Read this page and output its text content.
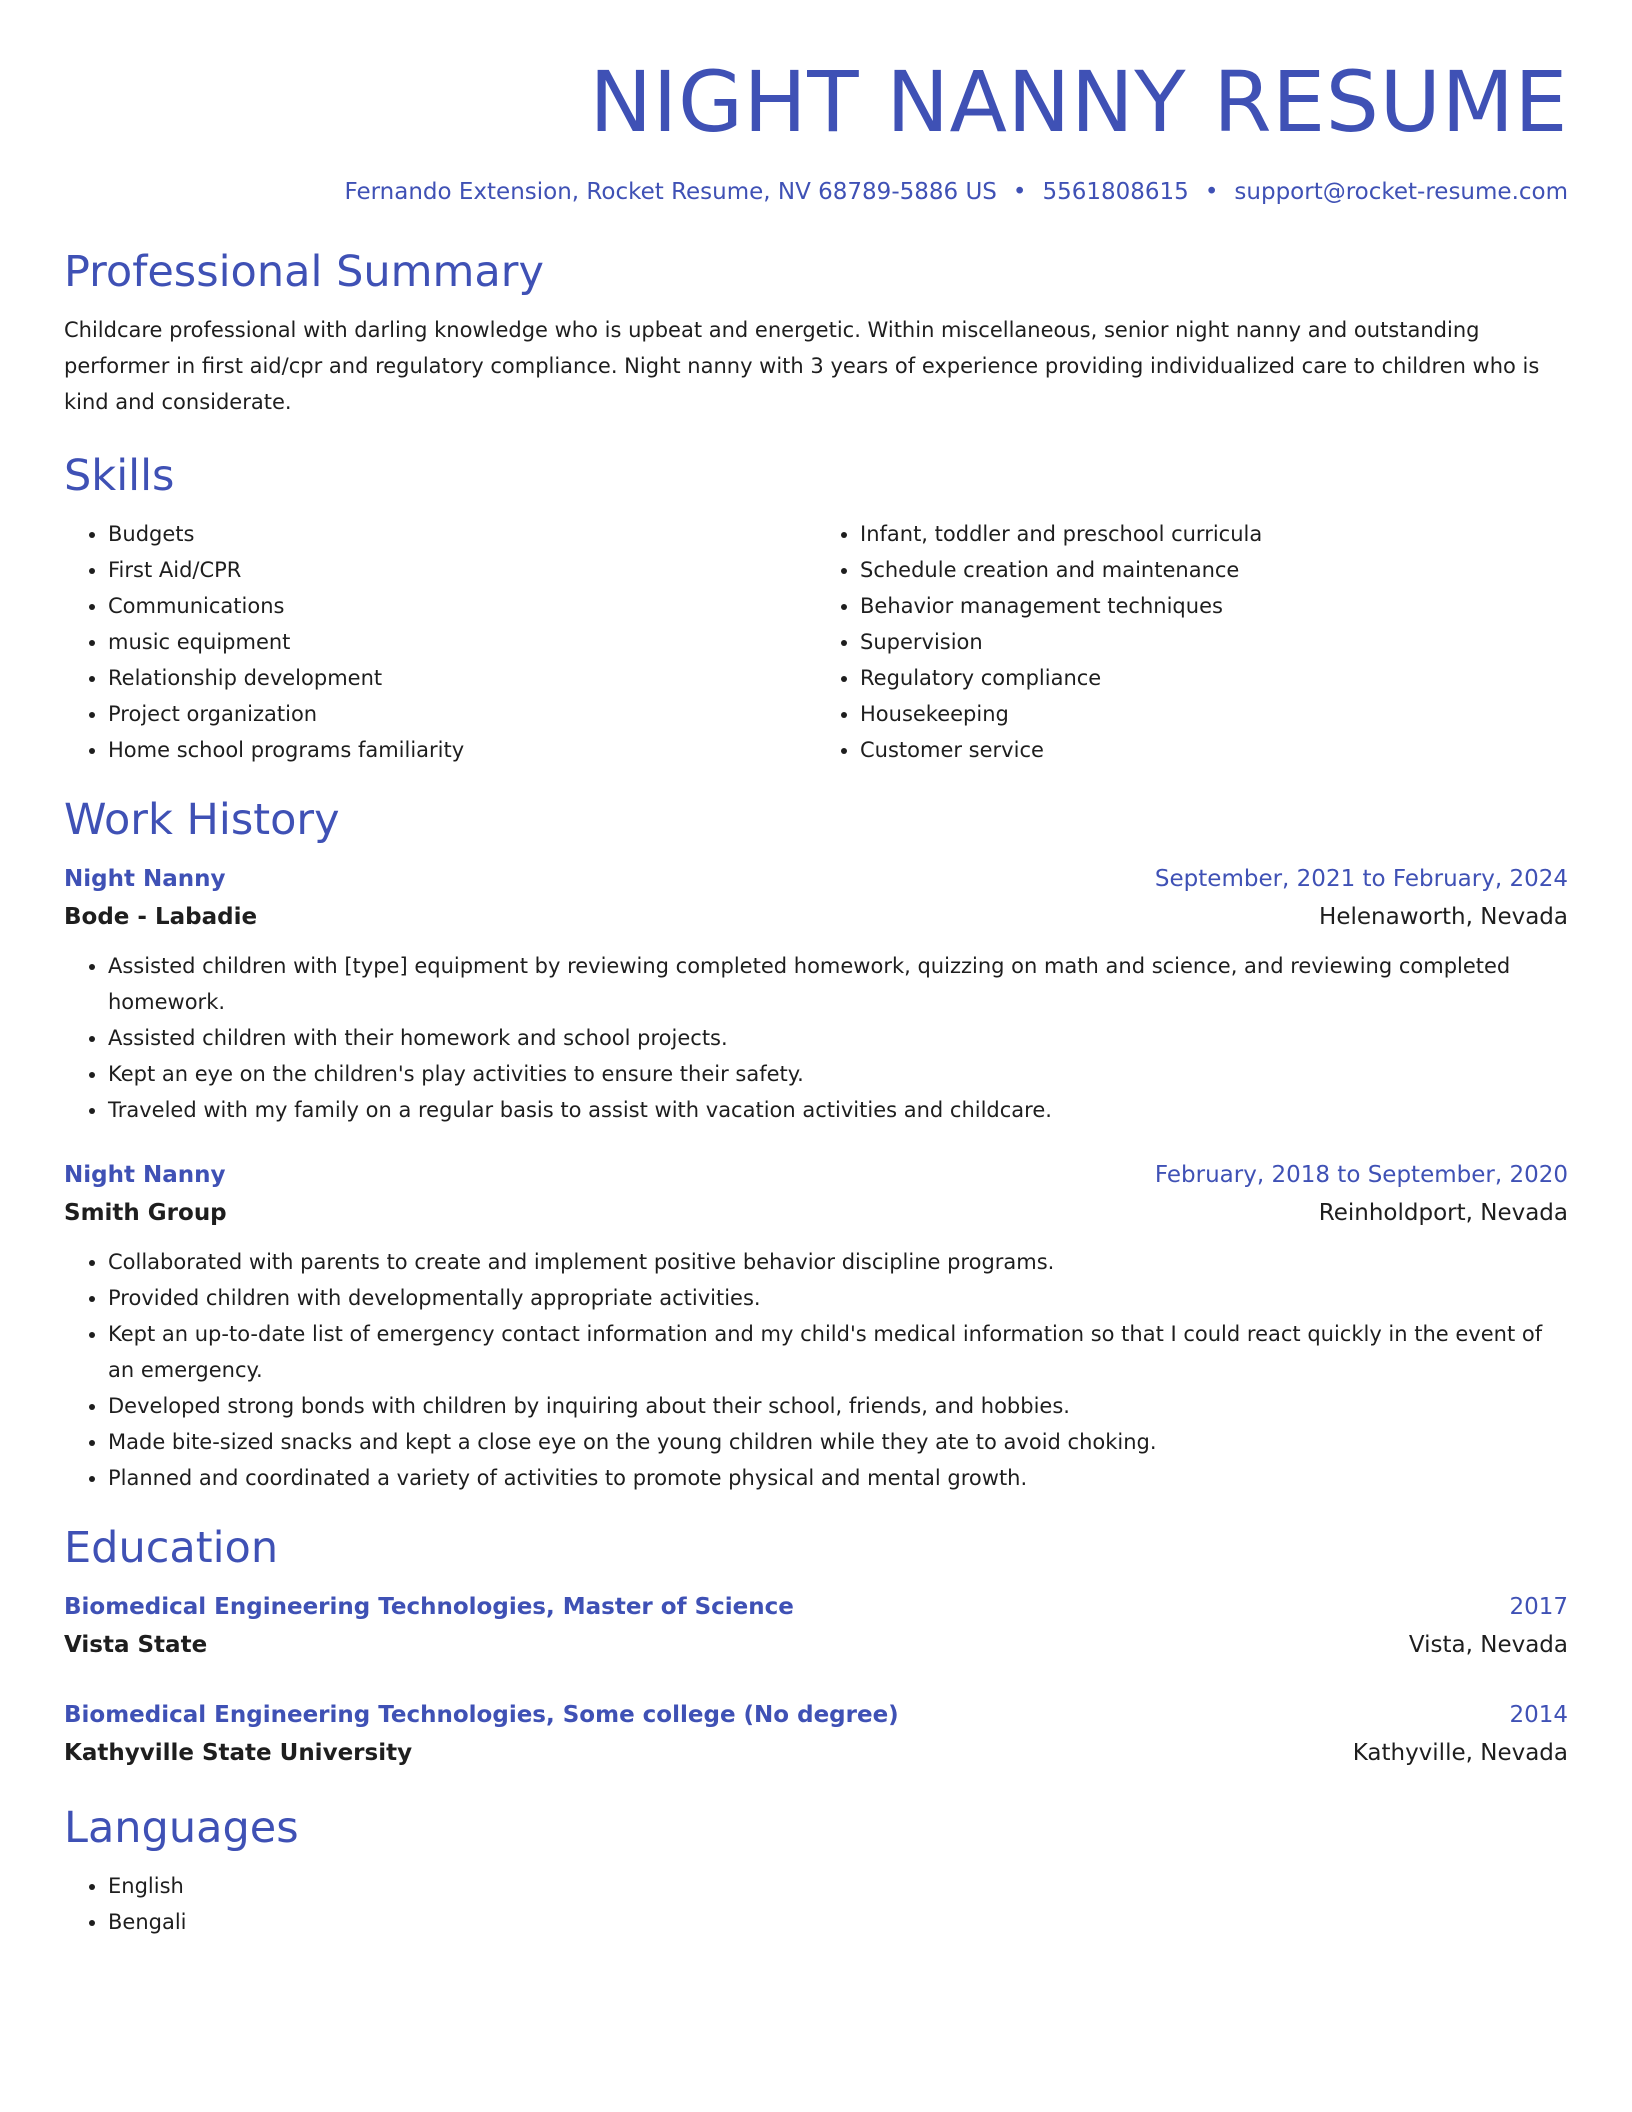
NIGHT NANNY RESUME
Fernando Extension, Rocket Resume, NV 68789-5886 US • 5561808615 • support@rocket-resume.com
Professional Summary

Childcare professional with darling knowledge who is upbeat and energetic. Within miscellaneous, senior night nanny and outstanding performer in first aid/cpr and regulatory compliance. Night nanny with 3 years of experience providing individualized care to children who is kind and considerate.

Skills
• Budgets
• First Aid/CPR
• Communications
• music equipment
• Relationship development
• Project organization
• Home school programs familiarity
• Infant, toddler and preschool curricula
• Schedule creation and maintenance
• Behavior management techniques
• Supervision
• Regulatory compliance
• Housekeeping
• Customer service
Work History
Night Nanny	September, 2021 to February, 2024
Bode - Labadie	Helenaworth, Nevada
• Assisted children with [type] equipment by reviewing completed homework, quizzing on math and science, and reviewing completed homework.
• Assisted children with their homework and school projects.
• Kept an eye on the children's play activities to ensure their safety.
• Traveled with my family on a regular basis to assist with vacation activities and childcare.
Night Nanny	February, 2018 to September, 2020
Smith Group	Reinholdport, Nevada
• Collaborated with parents to create and implement positive behavior discipline programs.
• Provided children with developmentally appropriate activities.
• Kept an up-to-date list of emergency contact information and my child's medical information so that I could react quickly in the event of an emergency.
• Developed strong bonds with children by inquiring about their school, friends, and hobbies.
• Made bite-sized snacks and kept a close eye on the young children while they ate to avoid choking.
• Planned and coordinated a variety of activities to promote physical and mental growth.
Education
Biomedical Engineering Technologies, Master of Science	2017
Vista State	Vista, Nevada
Biomedical Engineering Technologies, Some college (No degree)	2014
Kathyville State University	Kathyville, Nevada
Languages
• English
• Bengali
